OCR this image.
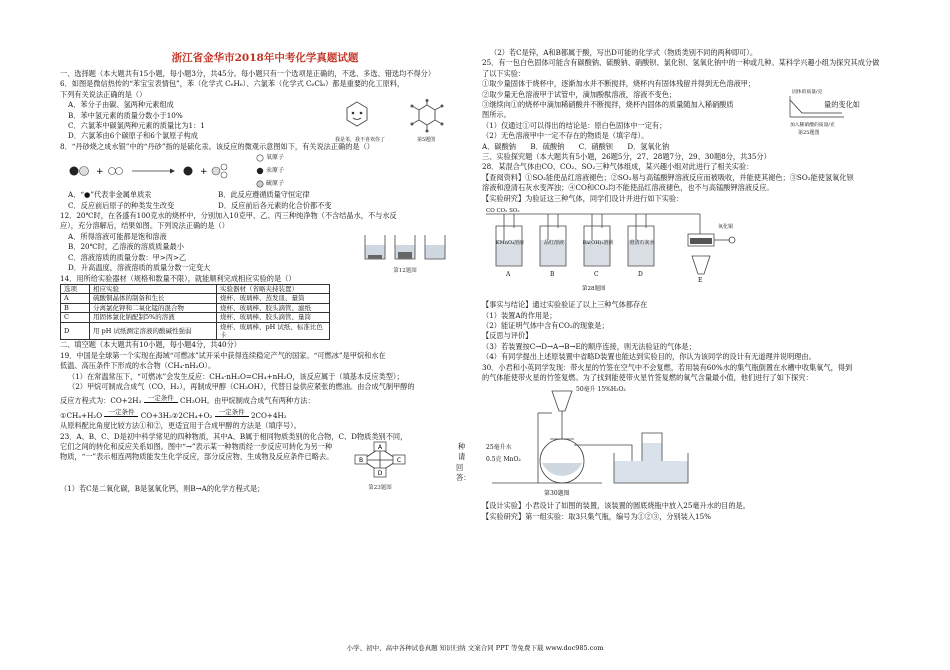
浙江省金华市2018年中考化学真题试题

一、选择题（本大题共有15小题，每小题3分，共45分。每小题只有一个选项是正确的，不选、多选、错选均不得分）

6．如图是微信热传的“苯宝宝表情包”，苯（化学式 C₆H₆）、六氯苯（化学式 C₆Cl₆）都是重要的化工原料，

下列有关说法正确的是（）

A．苯分子由碳、氢两种元素组成

B．苯中氢元素的质量分数小于10%

C．六氯苯中碳氯两种元素的质量比为1：1

D．六氯苯由6个碳原子和6个氯原子构成	我是苯，我不喜欢你了	第5题图

8．“丹砂烧之成水银”中的“丹砂”指的是硫化汞。该反应的微观示意图如下，有关说法正确的是（）

+	+
氧原子
汞原子
硫原子

A．“●”代表非金属单质汞	B．此反应遵循质量守恒定律

C．反应前后原子的种类发生改变	D．反应前后各元素的化合价都不变

12．20℃时，在各盛有100克水的烧杯中，分别加入10克甲、乙、丙三种纯净物（不含结晶水，不与水反

应），充分溶解后，结果如图。下列说法正确的是（）

A．所得溶液可能都是饱和溶液

B．20℃时，乙溶液的溶质质量最小

C．溶液溶质的质量分数：甲>丙>乙

D．升高温度，溶液溶质的质量分数一定变大	第12题图

14．用所给实验器材（规格和数量不限），就能顺利完成相应实验的是（）

选项	相应实验	实验器材（省略夹持装置）
A	硫酸铜晶体的制备和生长	烧杯、玻璃棒、蒸发皿、量筒
B	分离氯化钾和二氧化锰的混合物	烧杯、玻璃棒、胶头滴管、滤纸
C	用固体氯化钠配制5%的溶液	烧杯、玻璃棒、胶头滴管、量筒
D	用 pH 试纸测定溶液的酸碱性强弱	烧杯、玻璃棒、pH 试纸、标准比色卡

二、填空题（本大题共有10小题，每小题4分，共40分）

19．中国是全球第一个实现在海域“可燃冰”试开采中获得连续稳定产气的国家。“可燃冰”是甲烷和水在

低温、高压条件下形成的水合物（CH₄·nH₂O）。

（1）在常温常压下，“可燃冰”会发生反应：CH₄·nH₂O=CH₄+nH₂O，该反应属于（填基本反应类型）；

（2）甲烷可制成合成气（CO、H₂），再制成甲醇（CH₃OH），代替日益供应紧张的燃油。由合成气制甲醇的

反应方程式为：CO+2H₂ 一定条件 CH₃OH。由甲烷制成合成气有两种方法：

①CH₄+H₂O 一定条件 CO+3H₂②2CH₄+O₂ 一定条件 2CO+4H₂

从原料配比角度比较方法①和②，更适宜用于合成甲醇的方法是（填序号）。

23．A、B、C、D是初中科学常见的四种物质，其中A、B属于相同物质类别的化合物，C、D物质类别不同，

它们之间的转化和反应关系如图。图中“→”表示某一种物质经一步反应可转化为另一种	种

物质，“一”表示相连两物质能发生化学反应，部分反应物、生成物及反应条件已略去。	请

回答：

（1）若C是二氧化碳，B是氢氧化钙，则B→A的化学方程式是；

A
B	C
D
第23题图

（2）若C是锌，A和B都属于酸，写出D可能的化学式（物质类别不同的两种即可）。

25．有一包白色固体可能含有碳酸钠、硫酸钠、硝酸钡、氯化钡、氢氧化钠中的一种或几种。某科学兴趣小组为探究其成分做

了以下实验：

①取少量固体于烧杯中，逐渐加水并不断搅拌，烧杯内有固体残留并得到无色溶液甲；

②取少量无色溶液甲于试管中，滴加酚酞溶液，溶液不变色；

③继续向①的烧杯中滴加稀硝酸并不断搅拌，烧杯内固体的质量随加入稀硝酸质	量的变化如

图所示。

固体的质量/克
加入稀硝酸的质量/克
第25题图

（1）仅通过①可以得出的结论是：原白色固体中一定有；

（2）无色溶液甲中一定不存在的物质是（填字母）。

A．碳酸钠　　B．硫酸钠　　C．硝酸钡　　D．氢氧化钠

三、实验探究题（本大题共有5小题，26题5分，27、28题7分，29、30题8分，共35分）

28．某混合气体由CO、CO₂、SO₂三种气体组成，某兴趣小组对此进行了相关实验：

【查阅资料】①SO₂能使品红溶液褪色；②SO₂易与高锰酸钾溶液反应而被吸收，并能使其褪色；③SO₂能使氢氧化钡

溶液和澄清石灰水变浑浊；④CO和CO₂均不能使品红溶液褪色，也不与高锰酸钾溶液反应。

【实验研究】为验证这三种气体，同学们设计并进行如下实验：

CO CO₂ SO₂
KMnO₄溶液	品红溶液	Ba(OH)₂溶液	澄清石灰水
氧化铜
A	B	C	D
E
第28题图

【事实与结论】通过实验验证了以上三种气体都存在

（1）装置A的作用是；

（2）能证明气体中含有CO₂的现象是；

【反思与评价】

（3）若装置按C→D→A→B→E的顺序连接，则无法验证的气体是；

（4）有同学提出上述原装置中省略D装置也能达到实验目的，你认为该同学的设计有无道理并说明理由。

30．小君和小英同学发现：带火星的竹签在空气中不会复燃，若用装有60%水的集气瓶倒置在水槽中收集氧气，得到

的气体能使带火星的竹签复燃。为了找到能使带火星竹签复燃的氧气含量最小值，他们进行了如下探究：

50毫升 15%H₂O₂
25毫升水
0.5克 MnO₂
第30题图

【设计实验】小君设计了如图的装置，该装置的圆底烧瓶中放入25毫升水的目的是。

【实验研究】第一组实验：取3只集气瓶，编号为①②③，分别装入15%

小学、初中、高中各种试卷真题 知识归纳 文案合同 PPT 等免费下载 www.doc985.com
